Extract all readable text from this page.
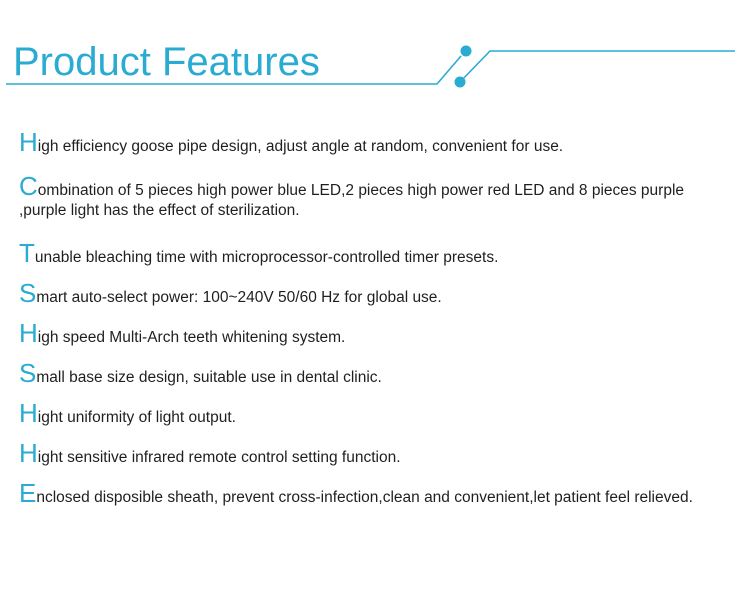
Product Features
High efficiency goose pipe design, adjust angle at random, convenient for use.
Combination of 5 pieces high power blue LED,2 pieces high power red LED and 8 pieces purple ,purple light has the effect of sterilization.
Tunable bleaching time with microprocessor-controlled timer presets.
Smart auto-select power: 100~240V 50/60 Hz for global use.
High speed Multi-Arch teeth whitening system.
Small base size design, suitable use in dental clinic.
Hight uniformity of light output.
Hight sensitive infrared remote control setting function.
Enclosed disposible sheath, prevent cross-infection,clean and convenient,let patient feel relieved.
